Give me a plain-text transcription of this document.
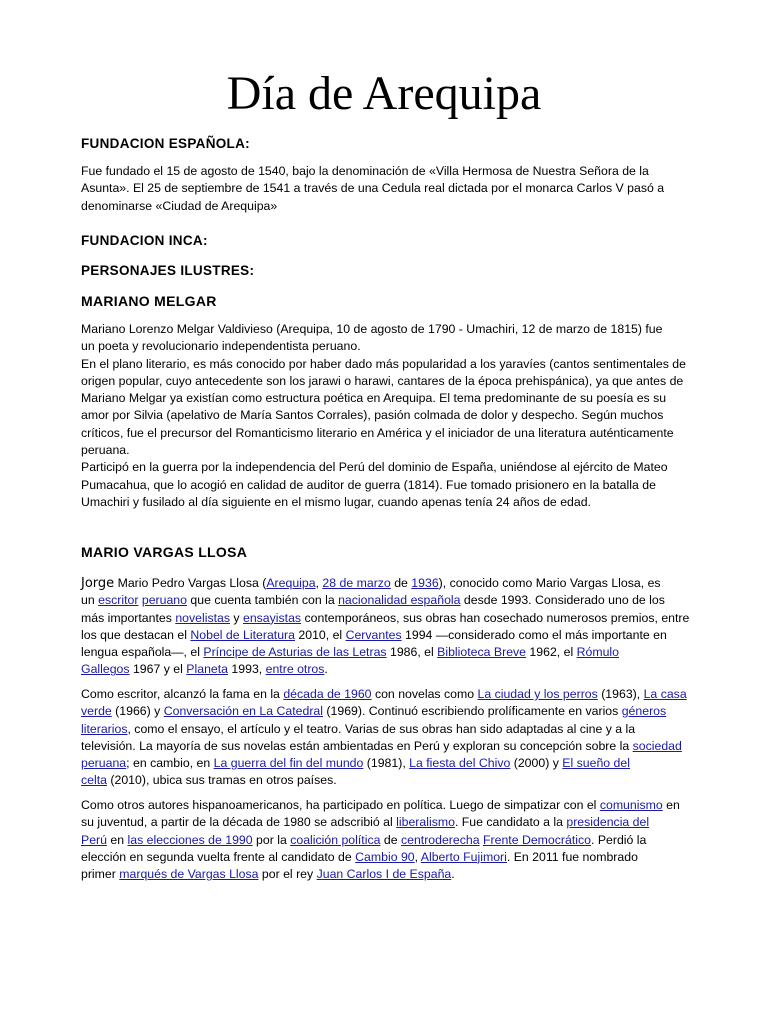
Día de Arequipa
FUNDACION ESPAÑOLA:
Fue fundado el 15 de agosto de 1540, bajo la denominación de «Villa Hermosa de Nuestra Señora de la
Asunta». El 25 de septiembre de 1541 a través de una Cedula real dictada por el monarca Carlos V pasó a
denominarse «Ciudad de Arequipa»
FUNDACION INCA:
PERSONAJES ILUSTRES:
MARIANO MELGAR
Mariano Lorenzo Melgar Valdivieso (Arequipa, 10 de agosto de 1790 - Umachiri, 12 de marzo de 1815) fue
un poeta y revolucionario independentista peruano.
En el plano literario, es más conocido por haber dado más popularidad a los yaravíes (cantos sentimentales de
origen popular, cuyo antecedente son los jarawi o harawi, cantares de la época prehispánica), ya que antes de
Mariano Melgar ya existían como estructura poética en Arequipa. El tema predominante de su poesía es su
amor por Silvia (apelativo de María Santos Corrales), pasión colmada de dolor y despecho. Según muchos
críticos, fue el precursor del Romanticismo literario en América y el iniciador de una literatura auténticamente
peruana.
Participó en la guerra por la independencia del Perú del dominio de España, uniéndose al ejército de Mateo
Pumacahua, que lo acogió en calidad de auditor de guerra (1814). Fue tomado prisionero en la batalla de
Umachiri y fusilado al día siguiente en el mismo lugar, cuando apenas tenía 24 años de edad.
MARIO VARGAS LLOSA
Jorge Mario Pedro Vargas Llosa (Arequipa, 28 de marzo de 1936), conocido como Mario Vargas Llosa, es
un escritor peruano que cuenta también con la nacionalidad española desde 1993. Considerado uno de los
más importantes novelistas y ensayistas contemporáneos, sus obras han cosechado numerosos premios, entre
los que destacan el Nobel de Literatura 2010, el Cervantes 1994 —considerado como el más importante en
lengua española—, el Príncipe de Asturias de las Letras 1986, el Biblioteca Breve 1962, el Rómulo
Gallegos 1967 y el Planeta 1993, entre otros.
Como escritor, alcanzó la fama en la década de 1960 con novelas como La ciudad y los perros (1963), La casa
verde (1966) y Conversación en La Catedral (1969). Continuó escribiendo prolíficamente en varios géneros
literarios, como el ensayo, el artículo y el teatro. Varias de sus obras han sido adaptadas al cine y a la
televisión. La mayoría de sus novelas están ambientadas en Perú y exploran su concepción sobre la sociedad
peruana; en cambio, en La guerra del fin del mundo (1981), La fiesta del Chivo (2000) y El sueño del
celta (2010), ubica sus tramas en otros países.
Como otros autores hispanoamericanos, ha participado en política. Luego de simpatizar con el comunismo en
su juventud, a partir de la década de 1980 se adscribió al liberalismo. Fue candidato a la presidencia del
Perú en las elecciones de 1990 por la coalición política de centroderecha Frente Democrático. Perdió la
elección en segunda vuelta frente al candidato de Cambio 90, Alberto Fujimori. En 2011 fue nombrado
primer marqués de Vargas Llosa por el rey Juan Carlos I de España.
